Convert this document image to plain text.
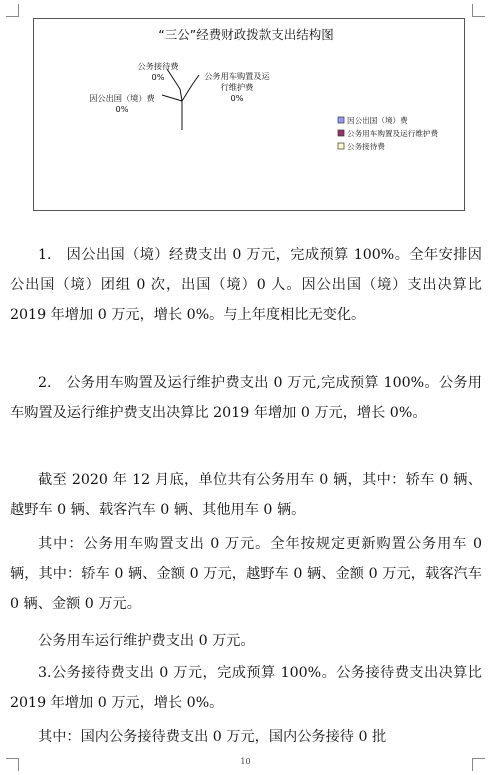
“三公”经费财政拨款支出结构图
公务接待费
0%	公务用车购置及运
行维护费
0%
因公出国（境）费
0%
因公出国（境）费
公务用车购置及运行维护费
公务接待费

1.　因公出国（境）经费支出 0 万元，完成预算 100%。全年安排因公出国（境）团组 0 次，出国（境）0 人。因公出国（境）支出决算比 2019 年增加 0 万元，增长 0%。与上年度相比无变化。

2.　公务用车购置及运行维护费支出 0 万元,完成预算 100%。公务用车购置及运行维护费支出决算比 2019 年增加 0 万元，增长 0%。

截至 2020 年 12 月底，单位共有公务用车 0 辆，其中：轿车 0 辆、越野车 0 辆、载客汽车 0 辆、其他用车 0 辆。

其中：公务用车购置支出 0 万元。全年按规定更新购置公务用车 0 辆，其中：轿车 0 辆、金额 0 万元，越野车 0 辆、金额 0 万元，载客汽车 0 辆、金额 0 万元。

公务用车运行维护费支出 0 万元。

3.公务接待费支出 0 万元，完成预算 100%。公务接待费支出决算比 2019 年增加 0 万元，增长 0%。

其中：国内公务接待费支出 0 万元，国内公务接待 0 批

10
